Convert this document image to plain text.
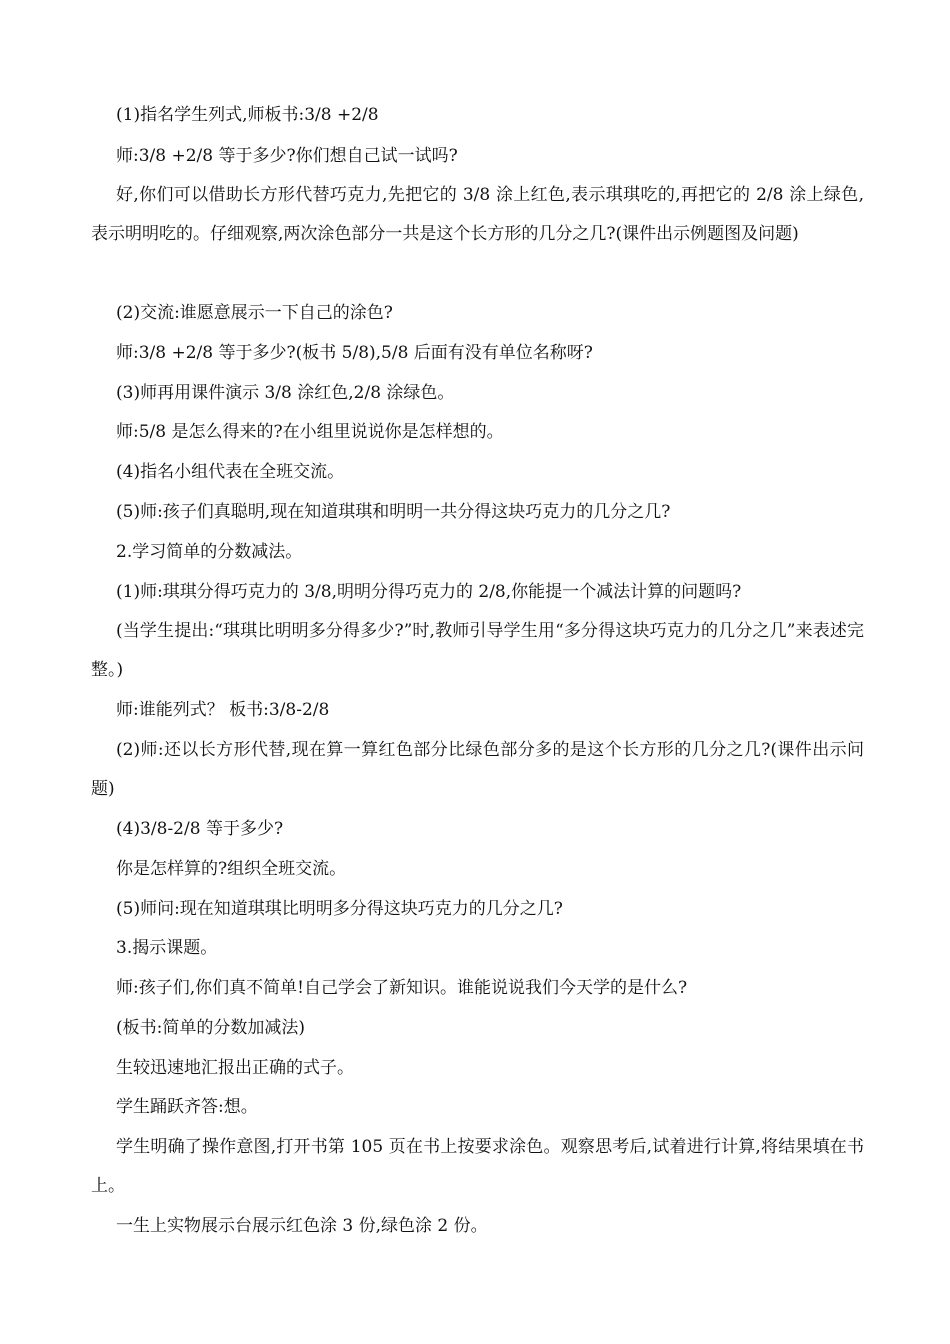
(1)指名学生列式,师板书:3/8 +2/8

师:3/8 +2/8 等于多少?你们想自己试一试吗?

好,你们可以借助长方形代替巧克力,先把它的 3/8 涂上红色,表示琪琪吃的,再把它的 2/8 涂上绿色,表示明明吃的。仔细观察,两次涂色部分一共是这个长方形的几分之几?(课件出示例题图及问题)

(2)交流:谁愿意展示一下自己的涂色?

师:3/8 +2/8 等于多少?(板书 5/8),5/8 后面有没有单位名称呀?

(3)师再用课件演示 3/8 涂红色,2/8 涂绿色。

师:5/8 是怎么得来的?在小组里说说你是怎样想的。

(4)指名小组代表在全班交流。

(5)师:孩子们真聪明,现在知道琪琪和明明一共分得这块巧克力的几分之几?

2.学习简单的分数减法。

(1)师:琪琪分得巧克力的 3/8,明明分得巧克力的 2/8,你能提一个减法计算的问题吗?

(当学生提出:“琪琪比明明多分得多少?”时,教师引导学生用“多分得这块巧克力的几分之几”来表述完整。)

师:谁能列式？ 板书:3/8-2/8

(2)师:还以长方形代替,现在算一算红色部分比绿色部分多的是这个长方形的几分之几?(课件出示问题)

(4)3/8-2/8 等于多少?

你是怎样算的?组织全班交流。

(5)师问:现在知道琪琪比明明多分得这块巧克力的几分之几?

3.揭示课题。

师:孩子们,你们真不简单!自己学会了新知识。谁能说说我们今天学的是什么?

(板书:简单的分数加减法)

生较迅速地汇报出正确的式子。

学生踊跃齐答:想。

学生明确了操作意图,打开书第 105 页在书上按要求涂色。观察思考后,试着进行计算,将结果填在书上。

一生上实物展示台展示红色涂 3 份,绿色涂 2 份。
